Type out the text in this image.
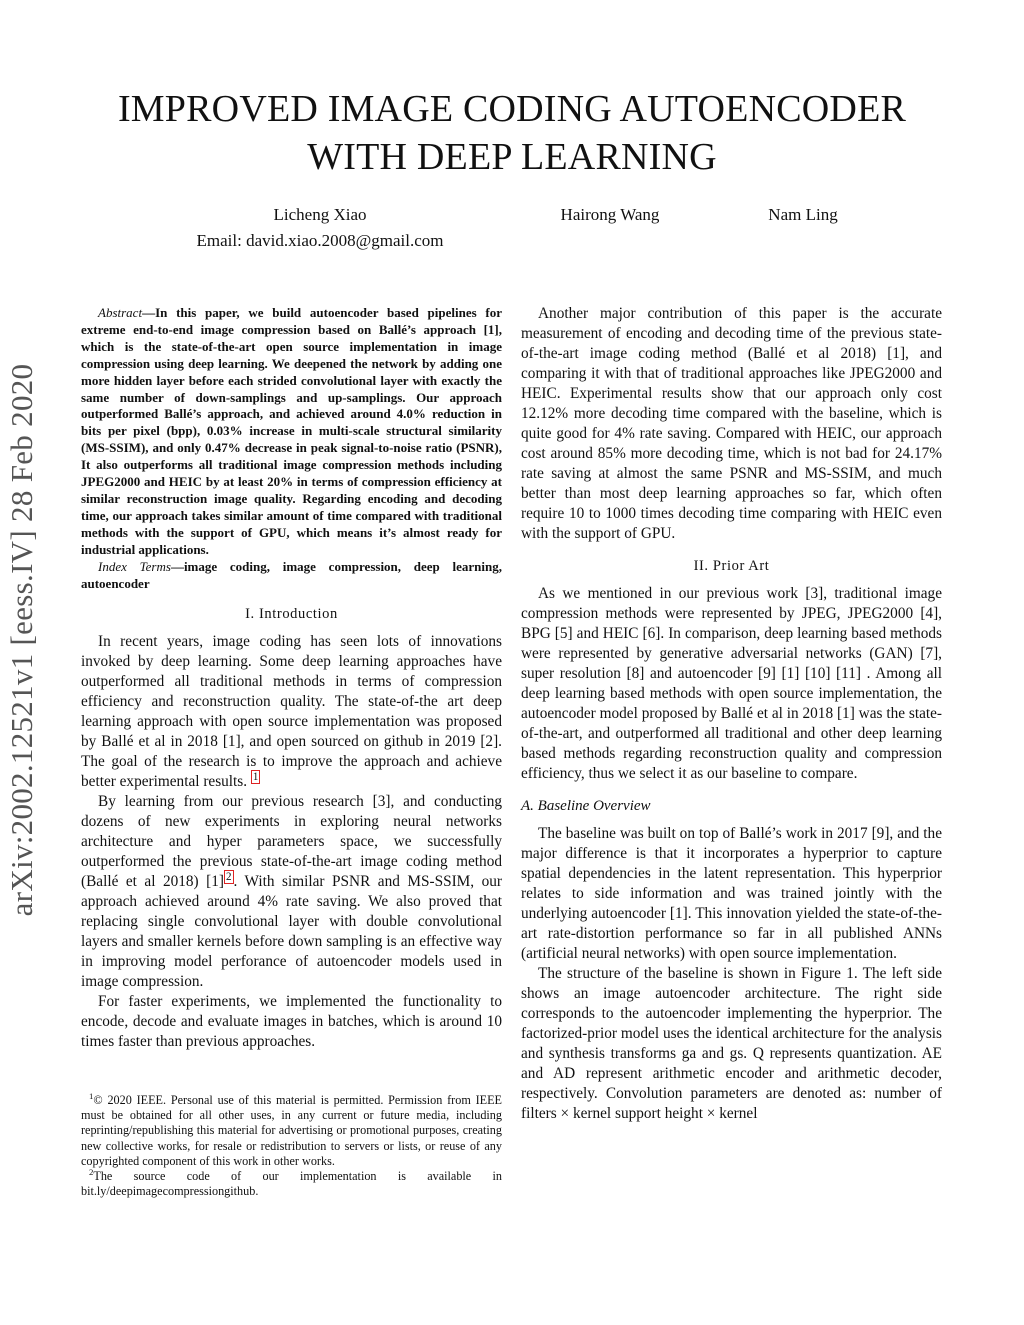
IMPROVED IMAGE CODING AUTOENCODER
WITH DEEP LEARNING
Licheng Xiao
Email: david.xiao.2008@gmail.com
Hairong Wang	Nam Ling
arXiv:2002.12521v1 [eess.IV] 28 Feb 2020

Abstract—In this paper, we build autoencoder based pipelines for extreme end-to-end image compression based on Ballé’s approach [1], which is the state-of-the-art open source implementation in image compression using deep learning. We deepened the network by adding one more hidden layer before each strided convolutional layer with exactly the same number of down-samplings and up-samplings. Our approach outperformed Ballé’s approach, and achieved around 4.0% reduction in bits per pixel (bpp), 0.03% increase in multi-scale structural similarity (MS-SSIM), and only 0.47% decrease in peak signal-to-noise ratio (PSNR), It also outperforms all traditional image compression methods including JPEG2000 and HEIC by at least 20% in terms of compression efficiency at similar reconstruction image quality. Regarding encoding and decoding time, our approach takes similar amount of time compared with traditional methods with the support of GPU, which means it’s almost ready for industrial applications.

Index Terms—image coding, image compression, deep learning, autoencoder

I. Introduction

In recent years, image coding has seen lots of innovations invoked by deep learning. Some deep learning approaches have outperformed all traditional methods in terms of compression efficiency and reconstruction quality. The state-of-the art deep learning approach with open source implementation was proposed by Ballé et al in 2018 [1], and open sourced on github in 2019 [2]. The goal of the research is to improve the approach and achieve better experimental results. $^1$

By learning from our previous research [3], and conducting dozens of new experiments in exploring neural networks architecture and hyper parameters space, we successfully outperformed the previous state-of-the-art image coding method (Ballé et al 2018) [1] $^2$ . With similar PSNR and MS-SSIM, our approach achieved around 4% rate saving. We also proved that replacing single convolutional layer with double convolutional layers and smaller kernels before down sampling is an effective way in improving model perforance of autoencoder models used in image compression.

For faster experiments, we implemented the functionality to encode, decode and evaluate images in batches, which is around 10 times faster than previous approaches.

$^1$© 2020 IEEE. Personal use of this material is permitted. Permission from IEEE must be obtained for all other uses, in any current or future media, including reprinting/republishing this material for advertising or promotional purposes, creating new collective works, for resale or redistribution to servers or lists, or reuse of any copyrighted component of this work in other works.

$^2$The source code of our implementation is available in bit.ly/deepimagecompressiongithub.

Another major contribution of this paper is the accurate measurement of encoding and decoding time of the previous state-of-the-art image coding method (Ballé et al 2018) [1], and comparing it with that of traditional approaches like JPEG2000 and HEIC. Experimental results show that our approach only cost 12.12% more decoding time compared with the baseline, which is quite good for 4% rate saving. Compared with HEIC, our approach cost around 85% more decoding time, which is not bad for 24.17% rate saving at almost the same PSNR and MS-SSIM, and much better than most deep learning approaches so far, which often require 10 to 1000 times decoding time comparing with HEIC even with the support of GPU.

II. Prior Art

As we mentioned in our previous work [3], traditional image compression methods were represented by JPEG, JPEG2000 [4], BPG [5] and HEIC [6]. In comparison, deep learning based methods were represented by generative adversarial networks (GAN) [7], super resolution [8] and autoencoder [9] [1] [10] [11] . Among all deep learning based methods with open source implementation, the autoencoder model proposed by Ballé et al in 2018 [1] was the state-of-the-art, and outperformed all traditional and other deep learning based methods regarding reconstruction quality and compression efficiency, thus we select it as our baseline to compare.

A. Baseline Overview

The baseline was built on top of Ballé’s work in 2017 [9], and the major difference is that it incorporates a hyperprior to capture spatial dependencies in the latent representation. This hyperprior relates to side information and was trained jointly with the underlying autoencoder [1]. This innovation yielded the state-of-the-art rate-distortion performance so far in all published ANNs (artificial neural networks) with open source implementation.

The structure of the baseline is shown in Figure 1. The left side shows an image autoencoder architecture. The right side corresponds to the autoencoder implementing the hyperprior. The factorized-prior model uses the identical architecture for the analysis and synthesis transforms ga and gs. Q represents quantization. AE and AD represent arithmetic encoder and arithmetic decoder, respectively. Convolution parameters are denoted as: number of filters × kernel support height × kernel
